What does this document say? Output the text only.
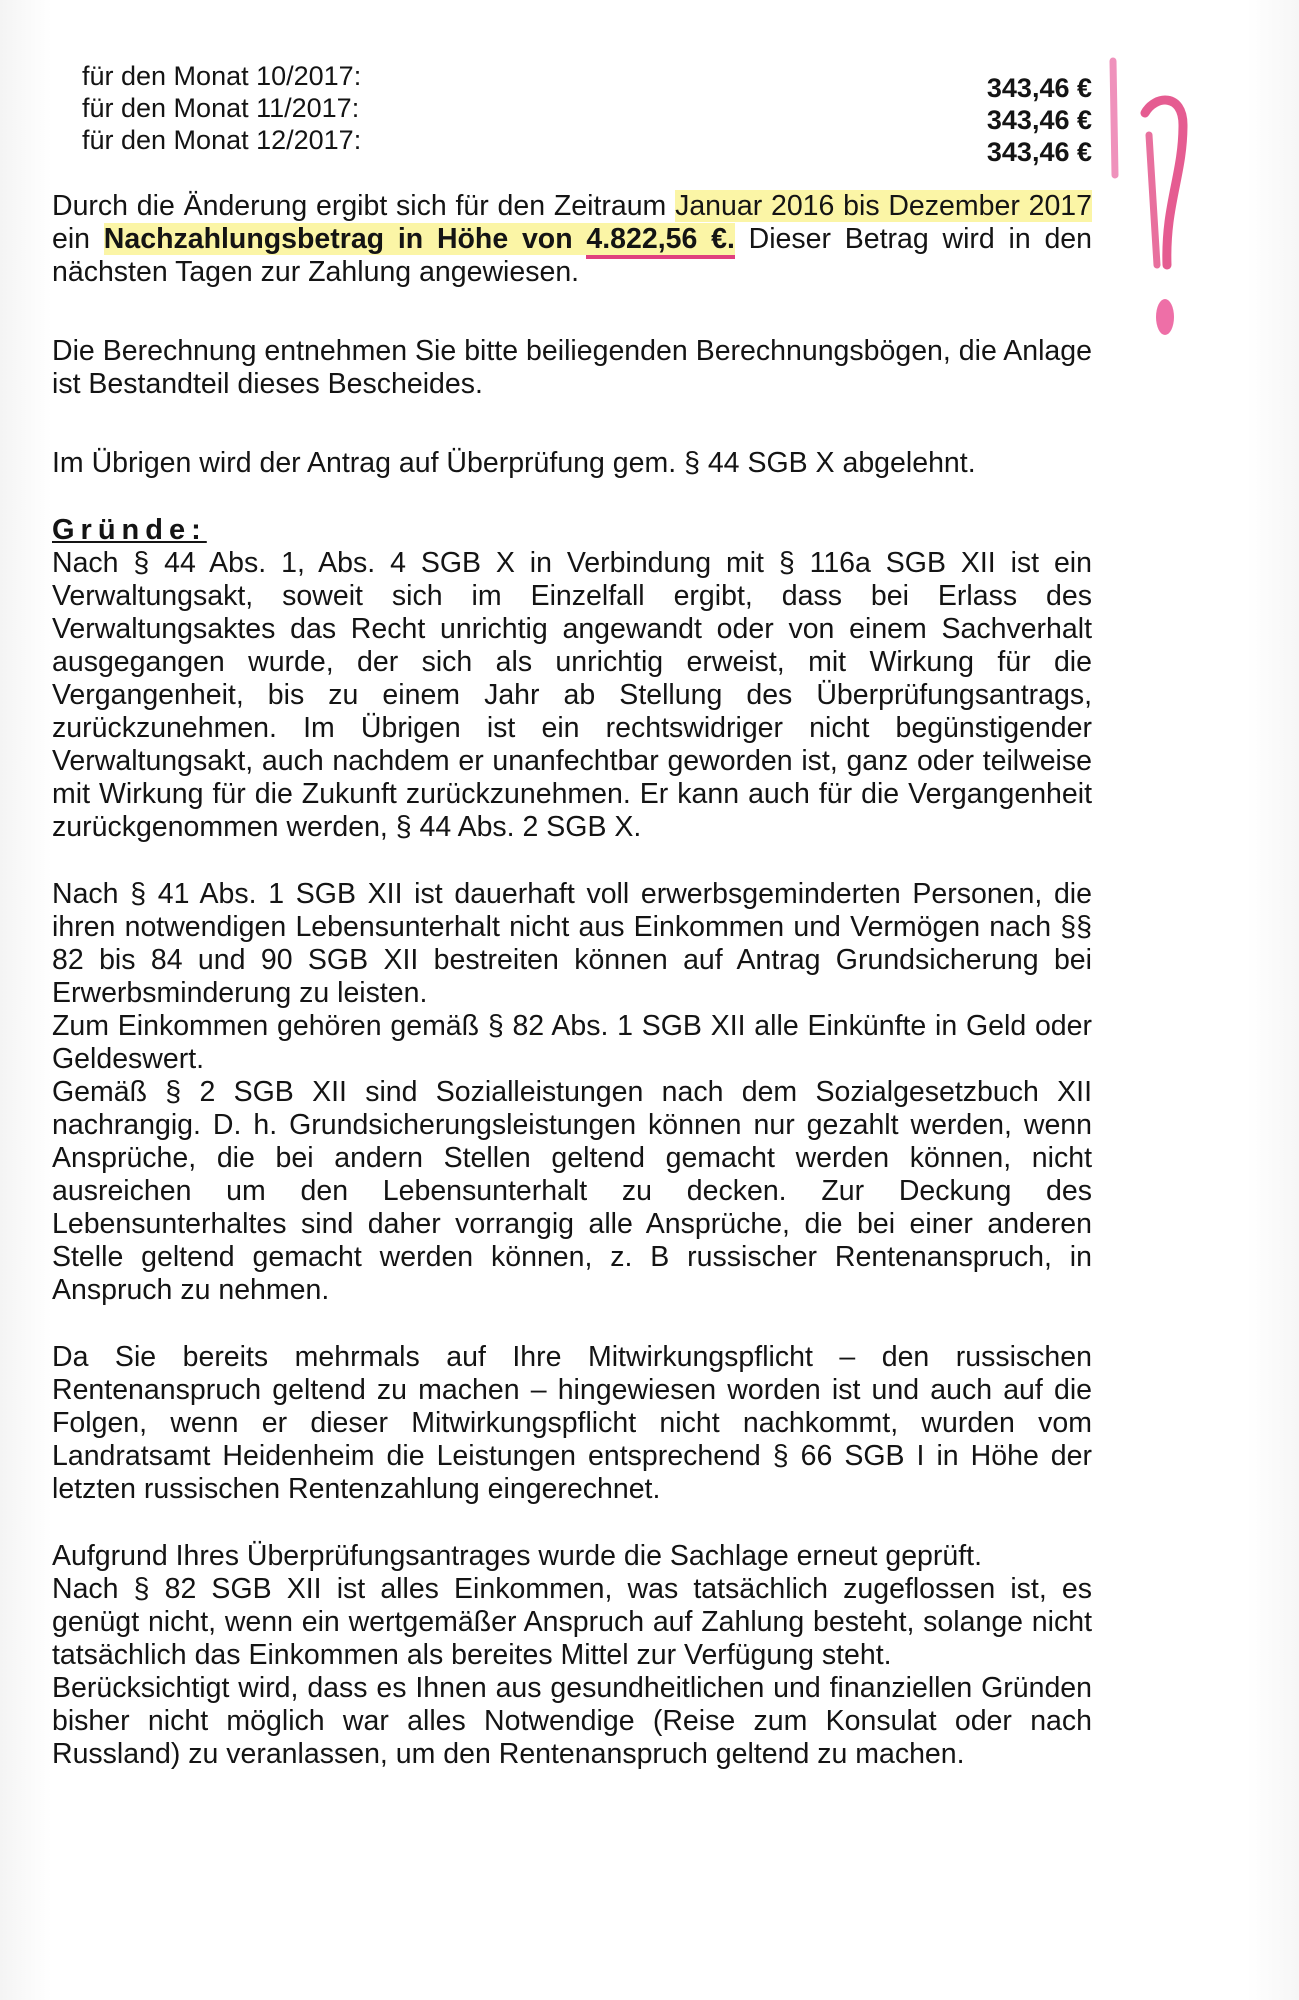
für den Monat 10/2017:	343,46 €
für den Monat 11/2017:	343,46 €
für den Monat 12/2017:	343,46 €

Durch die Änderung ergibt sich für den Zeitraum Januar 2016 bis Dezember 2017 ein Nachzahlungsbetrag in Höhe von 4.822,56 €. Dieser Betrag wird in den nächsten Tagen zur Zahlung angewiesen.

Die Berechnung entnehmen Sie bitte beiliegenden Berechnungsbögen, die Anlage ist Bestandteil dieses Bescheides.

Im Übrigen wird der Antrag auf Überprüfung gem. § 44 SGB X abgelehnt.

Gründe:

Nach § 44 Abs. 1, Abs. 4 SGB X in Verbindung mit § 116a SGB XII ist ein Verwaltungsakt, soweit sich im Einzelfall ergibt, dass bei Erlass des Verwaltungsaktes das Recht unrichtig angewandt oder von einem Sachverhalt ausgegangen wurde, der sich als unrichtig erweist, mit Wirkung für die Vergangenheit, bis zu einem Jahr ab Stellung des Überprüfungsantrags, zurückzunehmen. Im Übrigen ist ein rechtswidriger nicht begünstigender Verwaltungsakt, auch nachdem er unanfechtbar geworden ist, ganz oder teilweise mit Wirkung für die Zukunft zurückzunehmen. Er kann auch für die Vergangenheit zurückgenommen werden, § 44 Abs. 2 SGB X.

Nach § 41 Abs. 1 SGB XII ist dauerhaft voll erwerbsgeminderten Personen, die ihren notwendigen Lebensunterhalt nicht aus Einkommen und Vermögen nach §§ 82 bis 84 und 90 SGB XII bestreiten können auf Antrag Grundsicherung bei Erwerbsminderung zu leisten.

Zum Einkommen gehören gemäß § 82 Abs. 1 SGB XII alle Einkünfte in Geld oder Geldeswert.

Gemäß § 2 SGB XII sind Sozialleistungen nach dem Sozialgesetzbuch XII nachrangig. D. h. Grundsicherungsleistungen können nur gezahlt werden, wenn Ansprüche, die bei andern Stellen geltend gemacht werden können, nicht ausreichen um den Lebensunterhalt zu decken. Zur Deckung des Lebensunterhaltes sind daher vorrangig alle Ansprüche, die bei einer anderen Stelle geltend gemacht werden können, z. B russischer Rentenanspruch, in Anspruch zu nehmen.

Da Sie bereits mehrmals auf Ihre Mitwirkungspflicht – den russischen Rentenanspruch geltend zu machen – hingewiesen worden ist und auch auf die Folgen, wenn er dieser Mitwirkungspflicht nicht nachkommt, wurden vom Landratsamt Heidenheim die Leistungen entsprechend § 66 SGB I in Höhe der letzten russischen Rentenzahlung eingerechnet.

Aufgrund Ihres Überprüfungsantrages wurde die Sachlage erneut geprüft.

Nach § 82 SGB XII ist alles Einkommen, was tatsächlich zugeflossen ist, es genügt nicht, wenn ein wertgemäßer Anspruch auf Zahlung besteht, solange nicht tatsächlich das Einkommen als bereites Mittel zur Verfügung steht.

Berücksichtigt wird, dass es Ihnen aus gesundheitlichen und finanziellen Gründen bisher nicht möglich war alles Notwendige (Reise zum Konsulat oder nach Russland) zu veranlassen, um den Rentenanspruch geltend zu machen.
